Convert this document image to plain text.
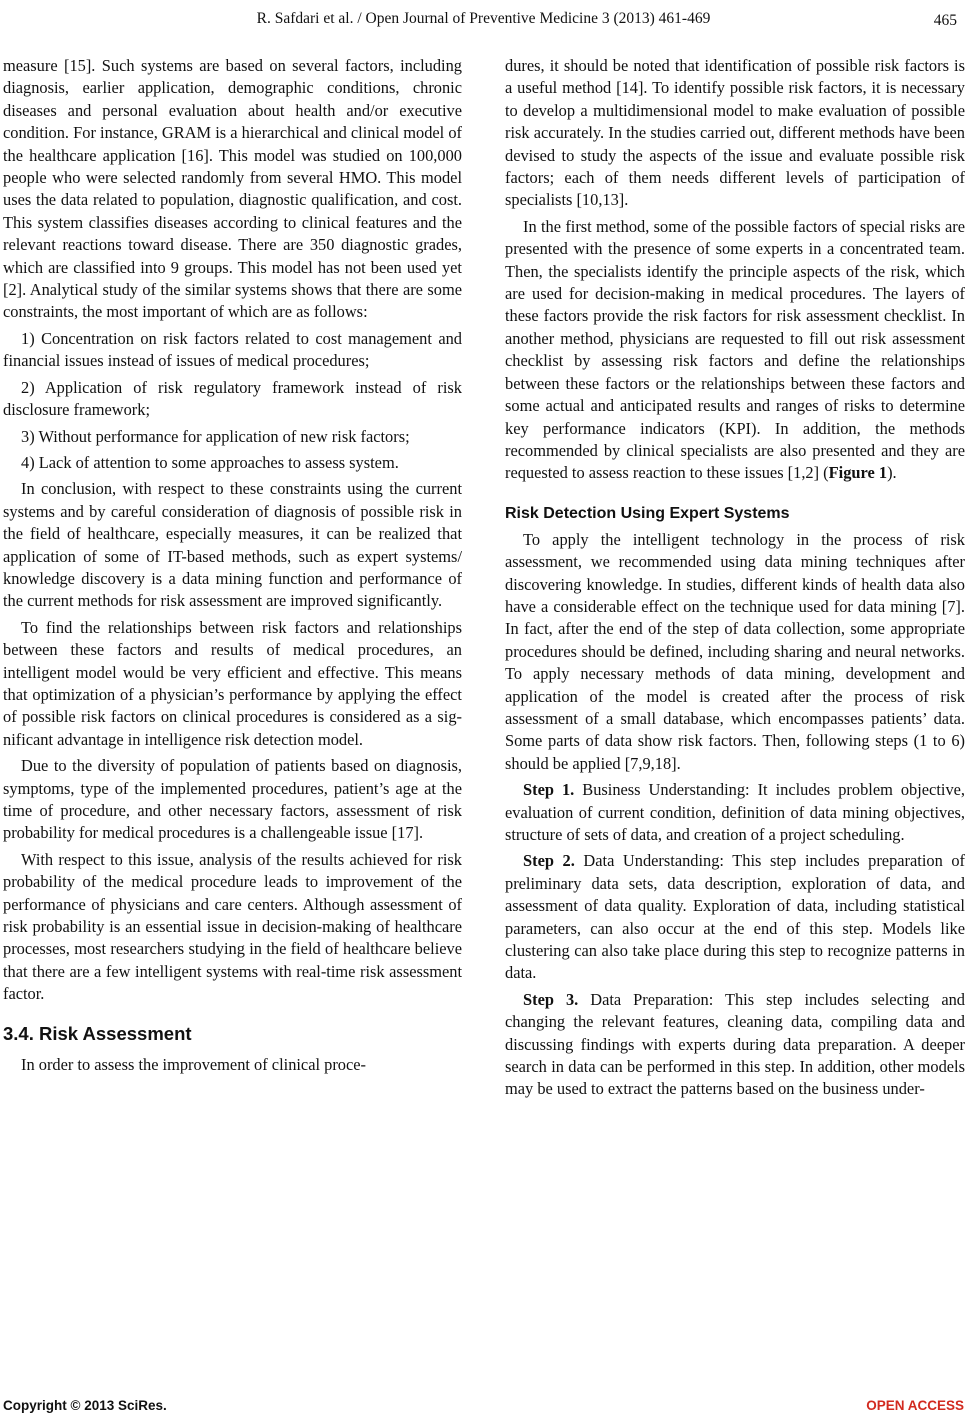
R. Safdari et al. / Open Journal of Preventive Medicine 3 (2013) 461-469	465

measure [15]. Such systems are based on several factors, including diagnosis, earlier application, demographic conditions, chronic diseases and personal evaluation about health and/or executive condition. For instance, GRAM is a hierarchical and clinical model of the healthcare application [16]. This model was studied on 100,000 people who were selected randomly from several HMO. This model uses the data related to population, diagnostic qualification, and cost. This system classifies diseases according to clinical features and the relevant reactions toward disease. There are 350 diagnostic grades, which are classified into 9 groups. This model has not been used yet [2]. Analytical study of the similar systems shows that there are some constraints, the most important of which are as follows:

1) Concentration on risk factors related to cost management and financial issues instead of issues of medical procedures;

2) Application of risk regulatory framework instead of risk disclosure framework;

3) Without performance for application of new risk factors;

4) Lack of attention to some approaches to assess system.

In conclusion, with respect to these constraints using the current systems and by careful consideration of diagnosis of possible risk in the field of healthcare, especially measures, it can be realized that application of some of IT-based methods, such as expert systems/ knowledge discovery is a data mining function and performance of the current methods for risk assessment are improved significantly.

To find the relationships between risk factors and relationships between these factors and results of medical procedures, an intelligent model would be very efficient and effective. This means that optimization of a physician’s performance by applying the effect of possible risk factors on clinical procedures is considered as a significant advantage in intelligence risk detection model.

Due to the diversity of population of patients based on diagnosis, symptoms, type of the implemented procedures, patient’s age at the time of procedure, and other necessary factors, assessment of risk probability for medical procedures is a challengeable issue [17].

With respect to this issue, analysis of the results achieved for risk probability of the medical procedure leads to improvement of the performance of physicians and care centers. Although assessment of risk probability is an essential issue in decision-making of healthcare processes, most researchers studying in the field of healthcare believe that there are a few intelligent systems with real-time risk assessment factor.

3.4. Risk Assessment

In order to assess the improvement of clinical proce-

dures, it should be noted that identification of possible risk factors is a useful method [14]. To identify possible risk factors, it is necessary to develop a multidimensional model to make evaluation of possible risk accurately. In the studies carried out, different methods have been devised to study the aspects of the issue and evaluate possible risk factors; each of them needs different levels of participation of specialists [10,13].

In the first method, some of the possible factors of special risks are presented with the presence of some experts in a concentrated team. Then, the specialists identify the principle aspects of the risk, which are used for decision-making in medical procedures. The layers of these factors provide the risk factors for risk assessment checklist. In another method, physicians are requested to fill out risk assessment checklist by assessing risk factors and define the relationships between these factors or the relationships between these factors and some actual and anticipated results and ranges of risks to determine key performance indicators (KPI). In addition, the methods recommended by clinical specialists are also presented and they are requested to assess reaction to these issues [1,2] (Figure 1).

Risk Detection Using Expert Systems

To apply the intelligent technology in the process of risk assessment, we recommended using data mining techniques after discovering knowledge. In studies, different kinds of health data also have a considerable effect on the technique used for data mining [7]. In fact, after the end of the step of data collection, some appropriate procedures should be defined, including sharing and neural networks. To apply necessary methods of data mining, development and application of the model is created after the process of risk assessment of a small database, which encompasses patients’ data. Some parts of data show risk factors. Then, following steps (1 to 6) should be applied [7,9,18].

Step 1. Business Understanding: It includes problem objective, evaluation of current condition, definition of data mining objectives, structure of sets of data, and creation of a project scheduling.

Step 2. Data Understanding: This step includes preparation of preliminary data sets, data description, exploration of data, and assessment of data quality. Exploration of data, including statistical parameters, can also occur at the end of this step. Models like clustering can also take place during this step to recognize patterns in data.

Step 3. Data Preparation: This step includes selecting and changing the relevant features, cleaning data, compiling data and discussing findings with experts during data preparation. A deeper search in data can be performed in this step. In addition, other models may be used to extract the patterns based on the business under-

Copyright © 2013 SciRes.	OPEN ACCESS
